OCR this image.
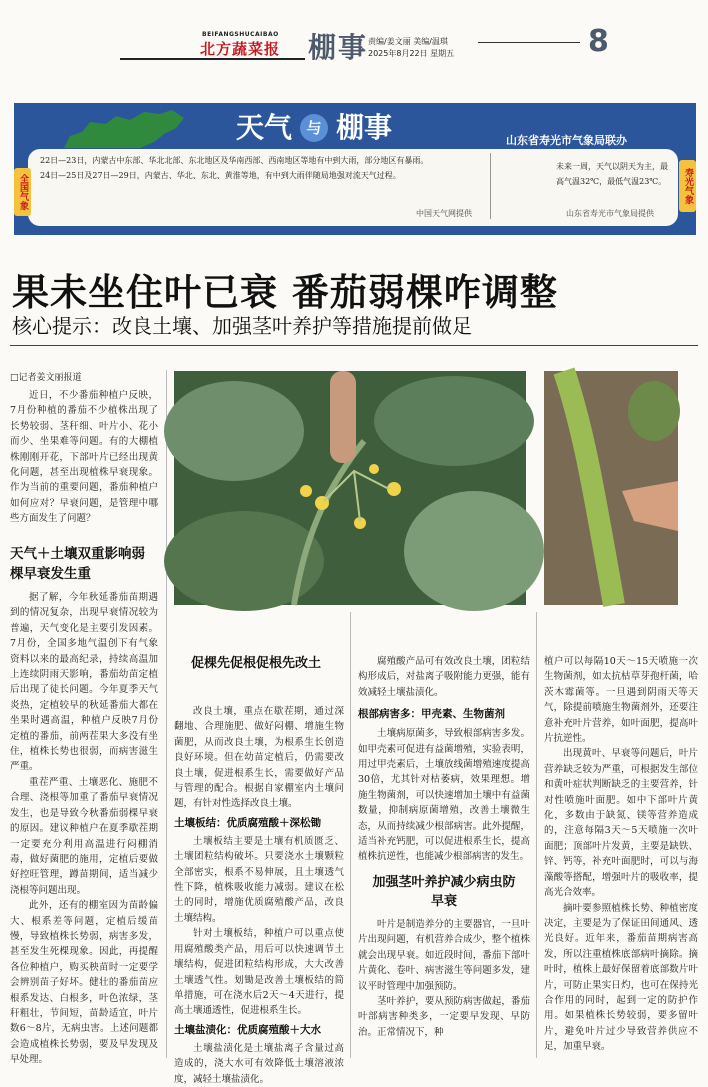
BEIFANGSHUCAIBAO
北方蔬菜报 棚事 责编/姜文丽 美编/温琪
2025年8月22日 星期五	8
天气 与 棚事	山东省寿光市气象局联办
全国气象	寿光气象
22日—23日，内蒙古中东部、华北北部、东北地区及华南西部、西南地区等地有中到大雨，部分地区有暴雨。
24日—25日及27日—29日，内蒙古、华北、东北、黄淮等地，有中到大雨伴随局地强对流天气过程。
中国天气网提供
未来一周，天气以阴天为主，最高气温32℃，最低气温23℃。
山东省寿光市气象局提供
果未坐住叶已衰 番茄弱棵咋调整
核心提示：改良土壤、加强茎叶养护等措施提前做足
□记者姜文丽报道

近日，不少番茄种植户反映，7月份种植的番茄不少植株出现了长势较弱、茎秆细、叶片小、花小而少、坐果难等问题。有的大棚植株刚刚开花，下部叶片已经出现黄化问题，甚至出现植株早衰现象。作为当前的重要问题，番茄种植户如何应对？早衰问题，是管理中哪些方面发生了问题？

天气＋土壤双重影响弱棵早衰发生重

据了解，今年秋延番茄苗期遇到的情况复杂，出现早衰情况较为普遍，天气变化是主要引发因素。7月份，全国多地气温创下有气象资料以来的最高纪录，持续高温加上连续阴雨天影响，番茄幼苗定植后出现了徒长问题。今年夏季天气炎热，定植较早的秋延番茄大都在坐果时遇高温，种植户反映7月份定植的番茄，前两茬果大多没有坐住，植株长势也很弱，而病害滋生严重。

重茬严重、土壤恶化、施肥不合理、浇根等加重了番茄早衰情况发生，也是导致今秋番茄弱棵早衰的原因。建议种植户在夏季歇茬期一定要充分利用高温进行闷棚消毒，做好菌肥的施用，定植后要做好控旺管理，蹲苗期间，适当减少浇根等问题出现。

此外，还有的棚室因为苗龄偏大、根系差等问题，定植后缓苗慢，导致植株长势弱，病害多发，甚至发生死棵现象。因此，再提醒各位种植户，购买秧苗时一定要学会辨别苗子好坏。健壮的番茄苗应根系发达、白根多，叶色浓绿，茎秆粗壮，节间短，苗龄适宜，叶片数6～8片，无病虫害。上述问题都会造成植株长势弱，要及早发现及早处理。

促棵先促根促根先改土

改良土壤，重点在歇茬期，通过深翻地、合理施肥、做好闷棚、增施生物菌肥，从而改良土壤，为根系生长创造良好环境。但在幼苗定植后，仍需要改良土壤，促进根系生长，需要做好产品与管理的配合。根据自家棚室内土壤问题，有针对性选择改良土壤。

土壤板结：优质腐殖酸＋深松锄

土壤板结主要是土壤有机质匮乏、土壤团粒结构破坏。只要浇水土壤颗粒全部密实，根系不易伸展，且土壤透气性下降，植株吸收能力减弱。建议在松土的同时，增施优质腐殖酸产品，改良土壤结构。

针对土壤板结，种植户可以重点使用腐殖酸类产品，用后可以快速调节土壤结构，促进团粒结构形成，大大改善土壤透气性。划锄是改善土壤板结的简单措施，可在浇水后2天～4天进行，提高土壤通透性，促进根系生长。

土壤盐渍化：优质腐殖酸＋大水

土壤盐渍化是土壤盐离子含量过高造成的，浇大水可有效降低土壤溶液浓度，减轻土壤盐渍化。

腐殖酸产品可有效改良土壤，团粒结构形成后，对盐离子吸附能力更强，能有效减轻土壤盐渍化。

根部病害多：甲壳素、生物菌剂

土壤病原菌多，导致根部病害多发。如甲壳素可促进有益菌增殖，实验表明，用过甲壳素后，土壤放线菌增殖速度提高30倍，尤其针对枯萎病，效果理想。增施生物菌剂，可以快速增加土壤中有益菌数量，抑制病原菌增殖，改善土壤微生态，从而持续减少根部病害。此外提醒，适当补充钙肥，可以促进根系生长，提高植株抗逆性，也能减少根部病害的发生。

加强茎叶养护减少病虫防早衰

叶片是制造养分的主要器官，一旦叶片出现问题，有机营养合成少，整个植株就会出现早衰。如近段时间，番茄下部叶片黄化、卷叶、病害滋生等问题多发，建议平时管理中加强预防。

茎叶养护，要从预防病害做起，番茄叶部病害种类多，一定要早发现、早防治。正常情况下，种

植户可以每隔10天～15天喷施一次生物菌剂，如太抗枯草芽孢杆菌，哈茨木霉菌等。一旦遇到阴雨天等天气，除提前喷施生物菌剂外，还要注意补充叶片营养，如叶面肥，提高叶片抗逆性。

出现黄叶、早衰等问题后，叶片营养缺乏较为严重，可根据发生部位和黄叶症状判断缺乏的主要营养，针对性喷施叶面肥。如中下部叶片黄化，多数由于缺氮、镁等营养造成的，注意每隔3天～5天喷施一次叶面肥；顶部叶片发黄，主要是缺铁、锌、钙等，补充叶面肥时，可以与海藻酸等搭配，增强叶片的吸收率，提高光合效率。

摘叶要参照植株长势、种植密度决定，主要是为了保证田间通风、透光良好。近年来，番茄苗期病害高发，所以注重植株底部病叶摘除。摘叶时，植株上最好保留着底部数片叶片，可防止果实日灼，也可在保持光合作用的同时，起到一定的防护作用。如果植株长势较弱，要多留叶片，避免叶片过少导致营养供应不足，加重早衰。
